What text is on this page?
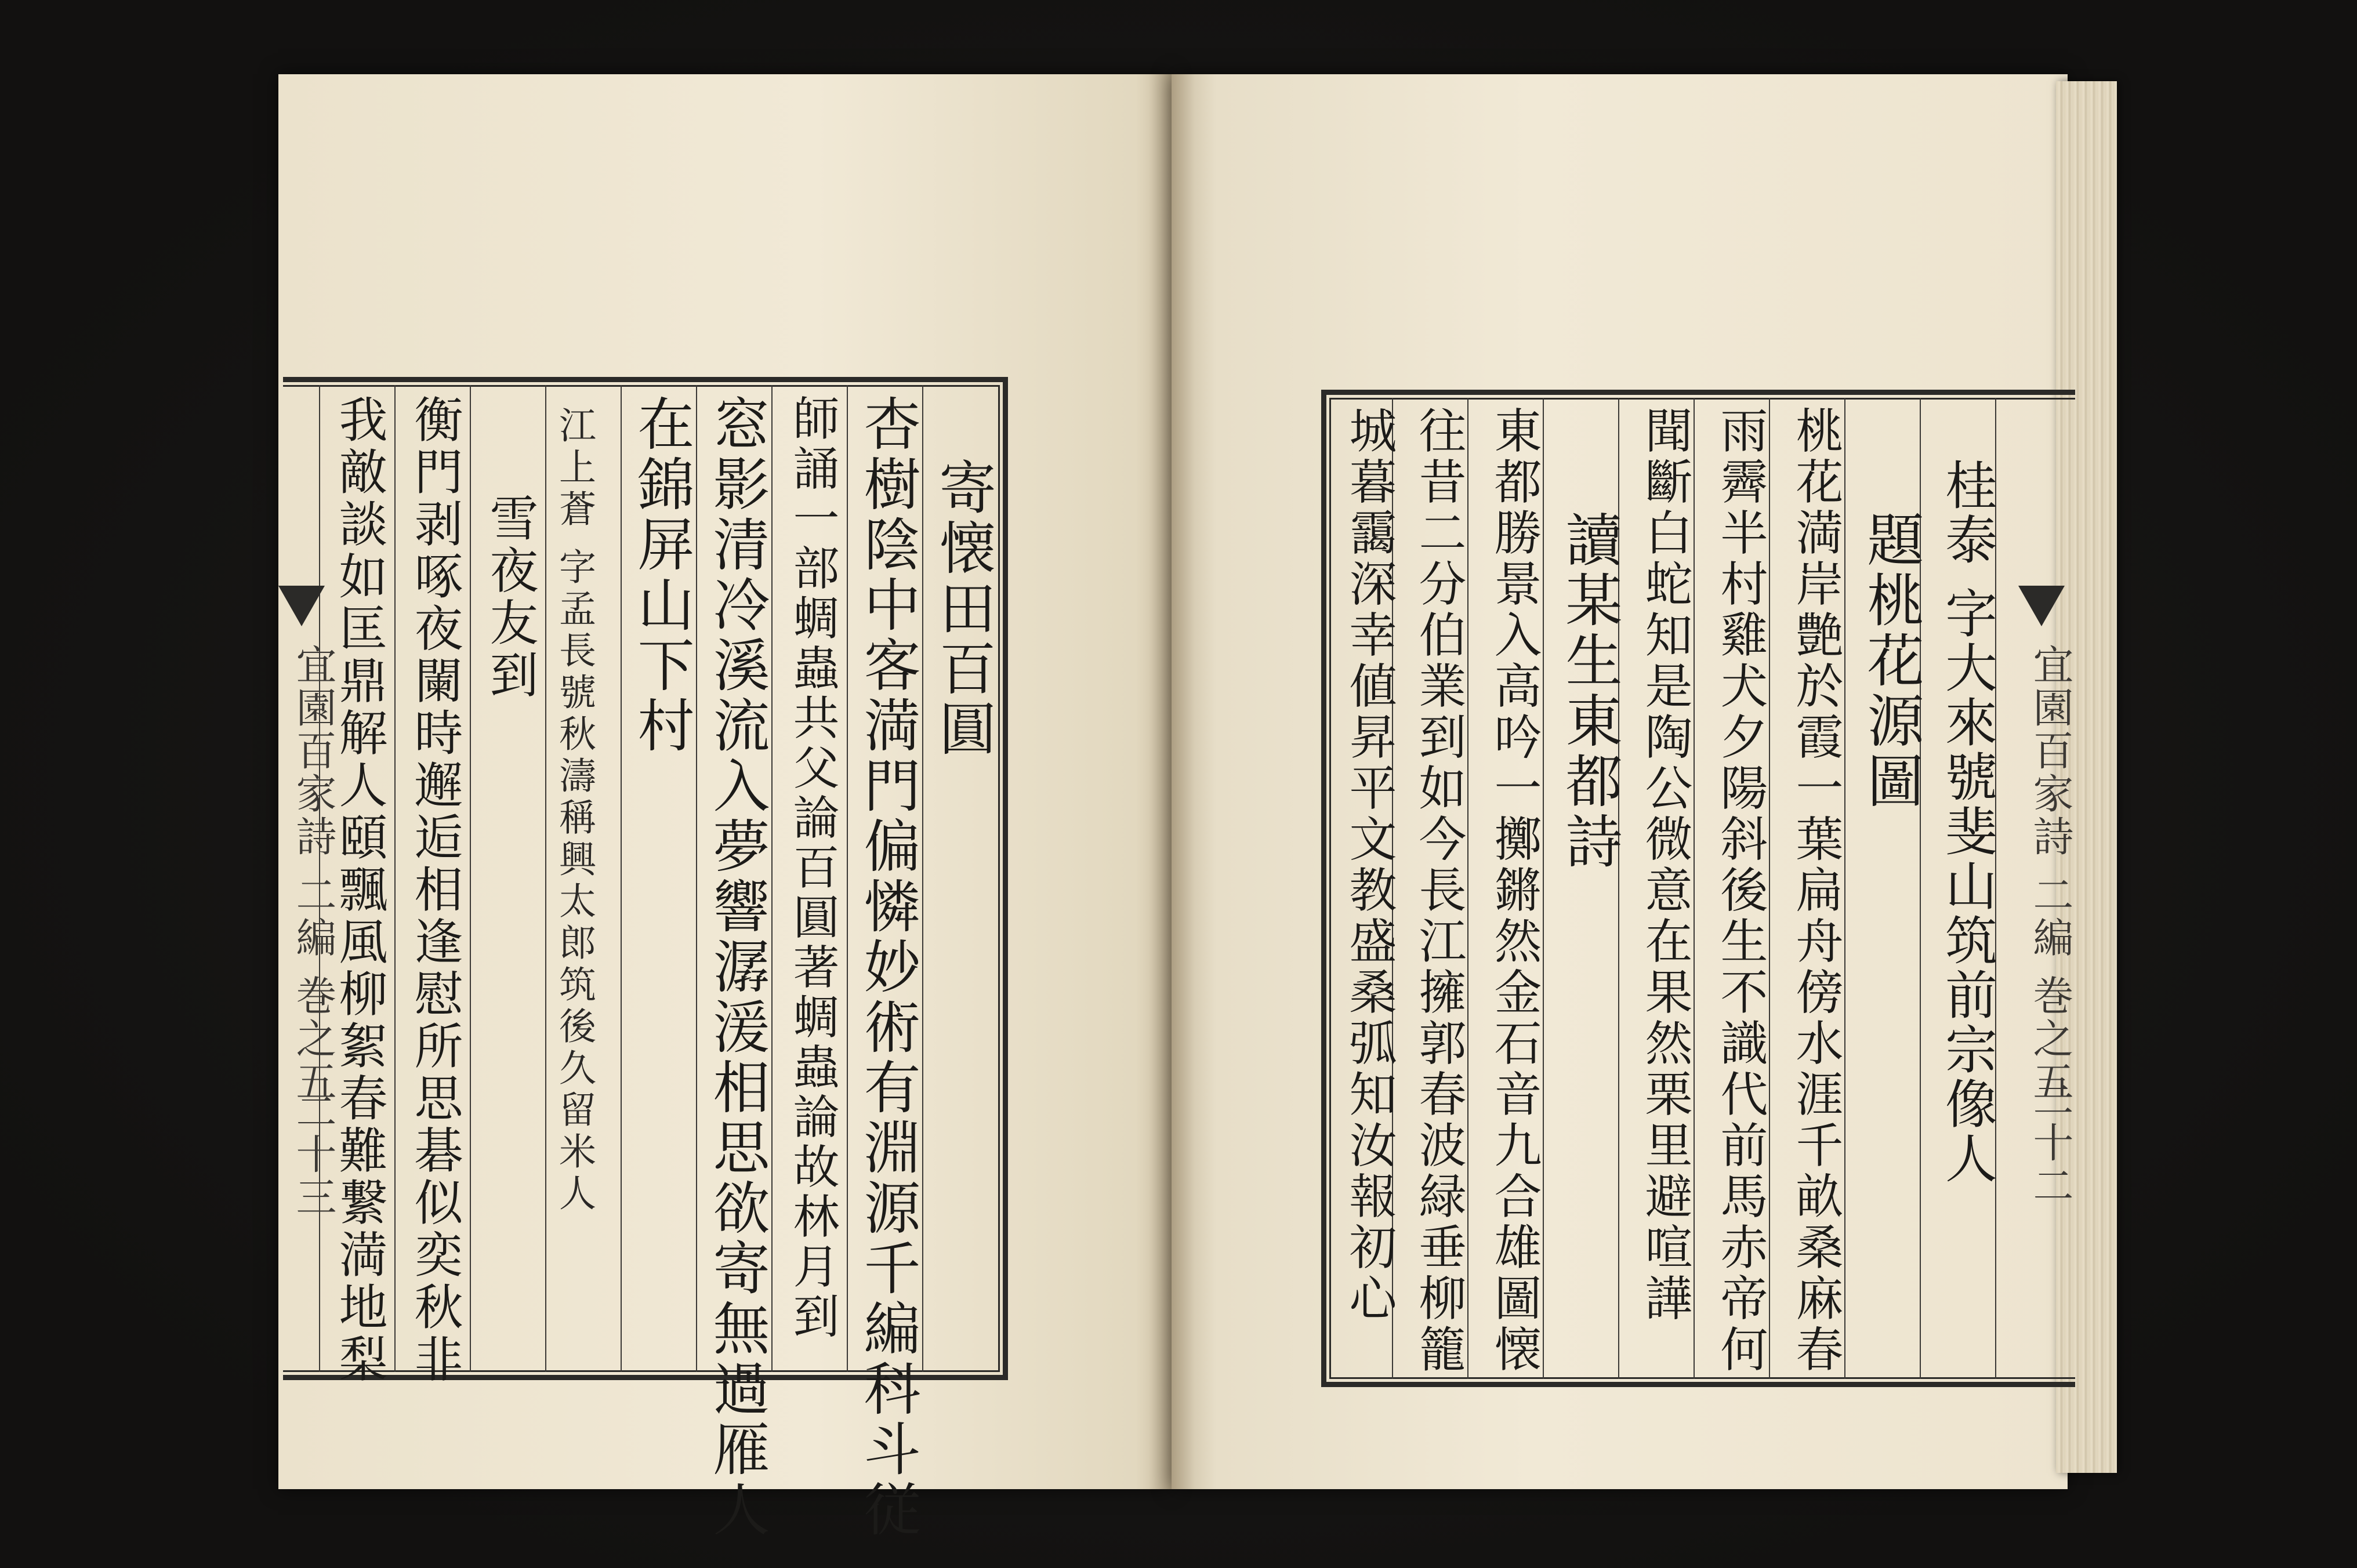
寄懐田百圓
杏樹陰中客満門偏憐妙術有淵源千編科斗従
師誦一部蜩蟲共父論百圓著蜩蟲論故林月到
窓影清冷溪流入夢響潺湲相思欲寄無過雁人
在錦屏山下村
江上蒼 字孟長號秋濤稱興太郎筑後久留米人
雪夜友到
衡門剥啄夜闌時邂逅相逢慰所思碁似奕秋非
我敵談如匡鼎解人頤飄風柳絮春難繋満地梨
宜園百家詩 二編 巻之五
二十三	桂泰 字大來號斐山筑前宗像人
題桃花源圖
桃花満岸艶於霞一葉扁舟傍水涯千畝桑麻春
雨霽半村雞犬夕陽斜後生不識代前馬赤帝何
聞斷白蛇知是陶公微意在果然栗里避喧譁
讀某生東都詩
東都勝景入高吟一擲鏘然金石音九合雄圖懐
往昔二分伯業到如今長江擁郭春波緑垂柳籠
城暮靄深幸値昇平文教盛桑弧知汝報初心	宜園百家詩 二編 巻之五
二十二
